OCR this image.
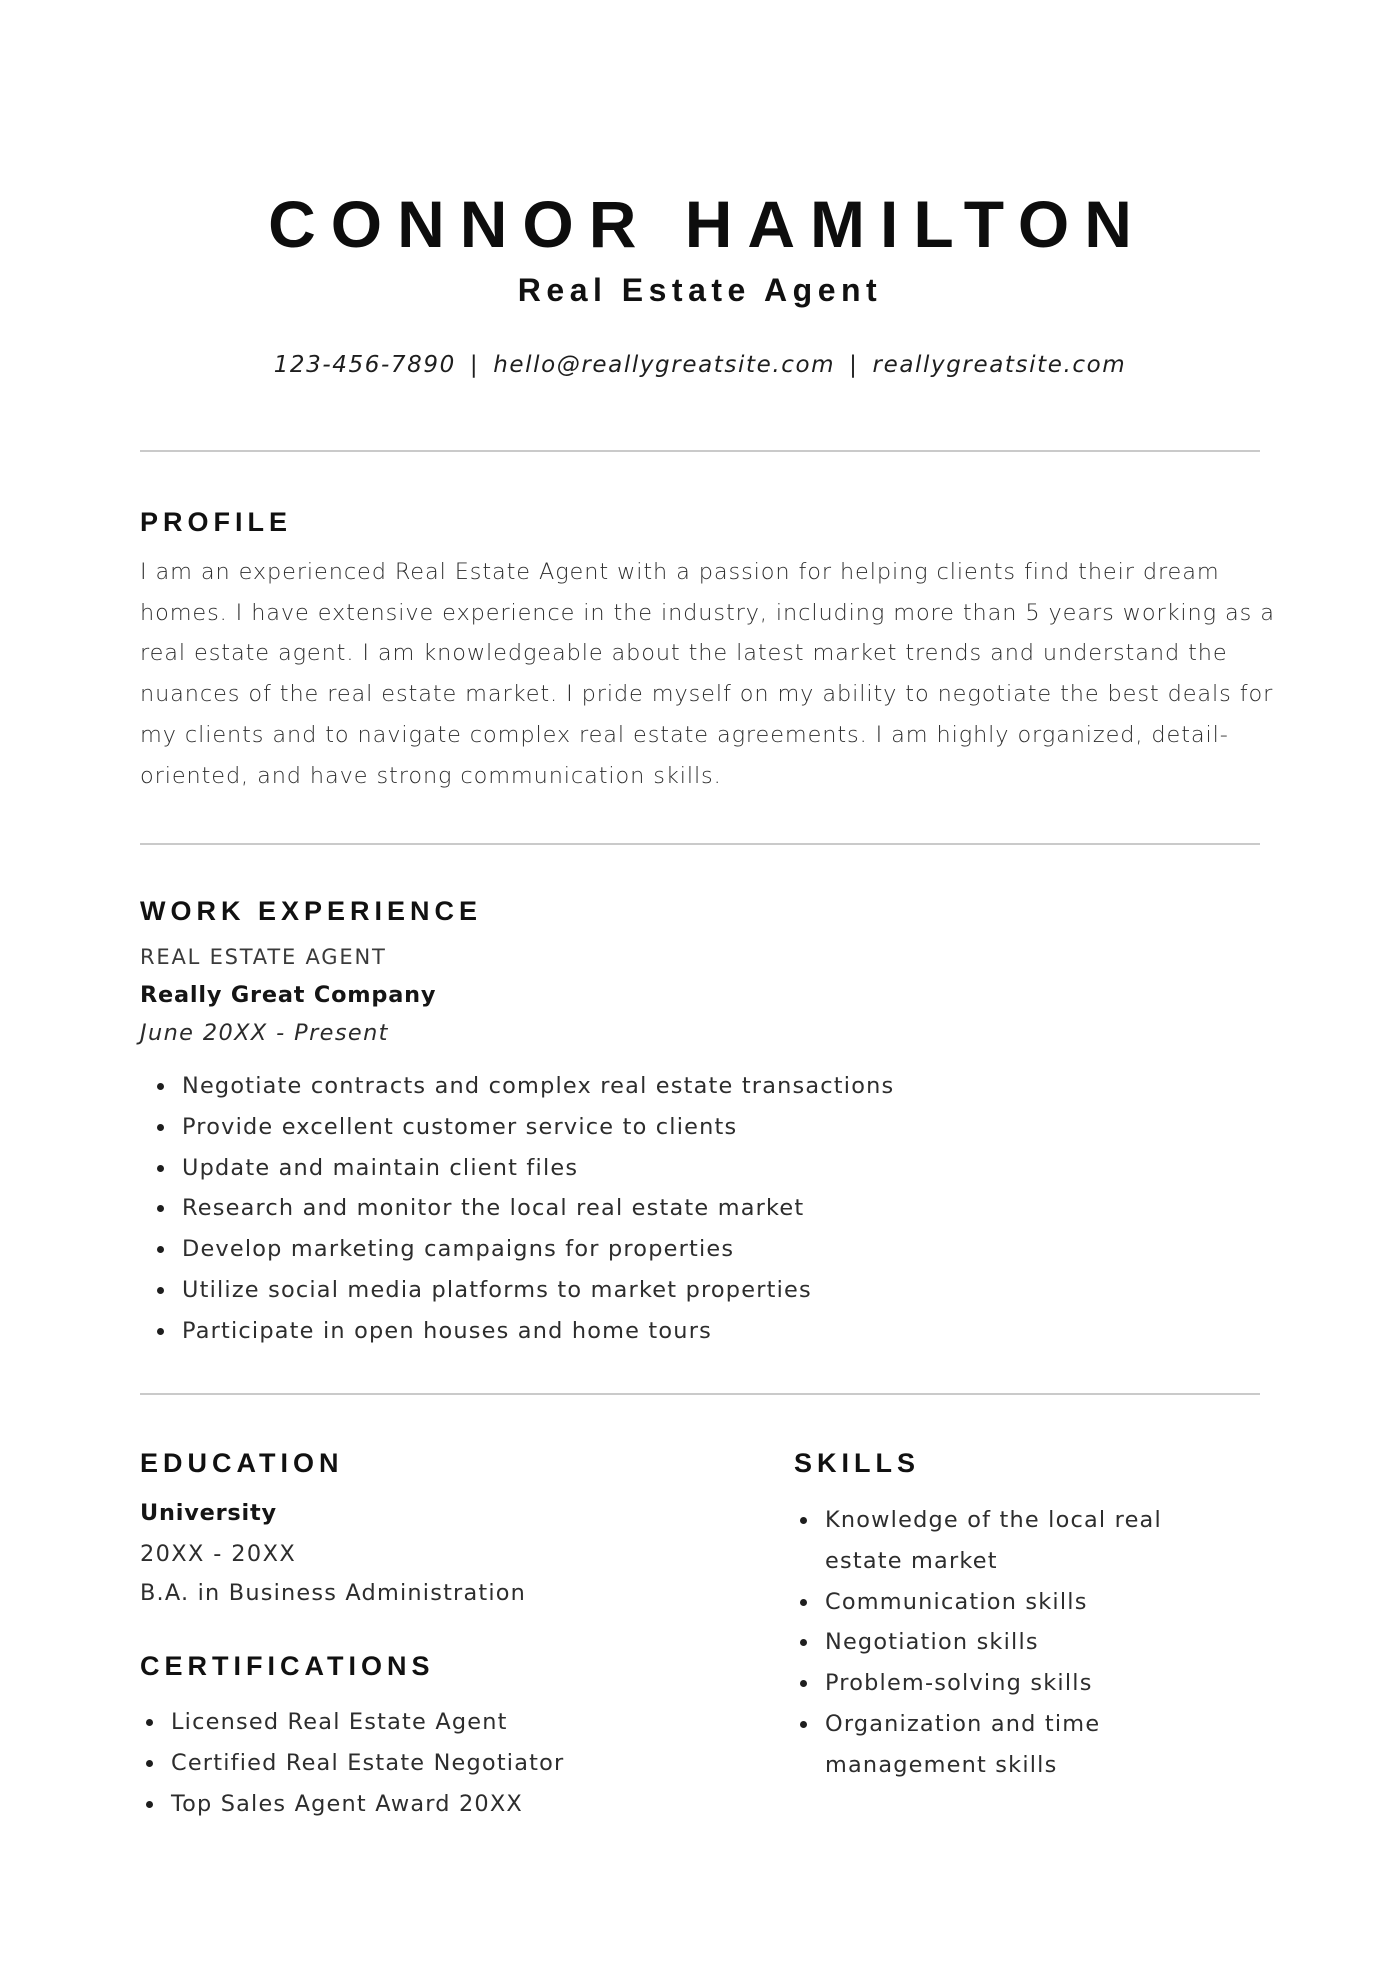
CONNOR HAMILTON
Real Estate Agent
123-456-7890 | hello@reallygreatsite.com | reallygreatsite.com
PROFILE

I am an experienced Real Estate Agent with a passion for helping clients find their dream homes. I have extensive experience in the industry, including more than 5 years working as a real estate agent. I am knowledgeable about the latest market trends and understand the nuances of the real estate market. I pride myself on my ability to negotiate the best deals for my clients and to navigate complex real estate agreements. I am highly organized, detail-oriented, and have strong communication skills.

WORK EXPERIENCE
REAL ESTATE AGENT
Really Great Company
June 20XX - Present
Negotiate contracts and complex real estate transactions
Provide excellent customer service to clients
Update and maintain client files
Research and monitor the local real estate market
Develop marketing campaigns for properties
Utilize social media platforms to market properties
Participate in open houses and home tours
EDUCATION
University
20XX - 20XX
B.A. in Business Administration
CERTIFICATIONS
Licensed Real Estate Agent
Certified Real Estate Negotiator
Top Sales Agent Award 20XX
SKILLS
Knowledge of the local real estate market
Communication skills
Negotiation skills
Problem-solving skills
Organization and time management skills
